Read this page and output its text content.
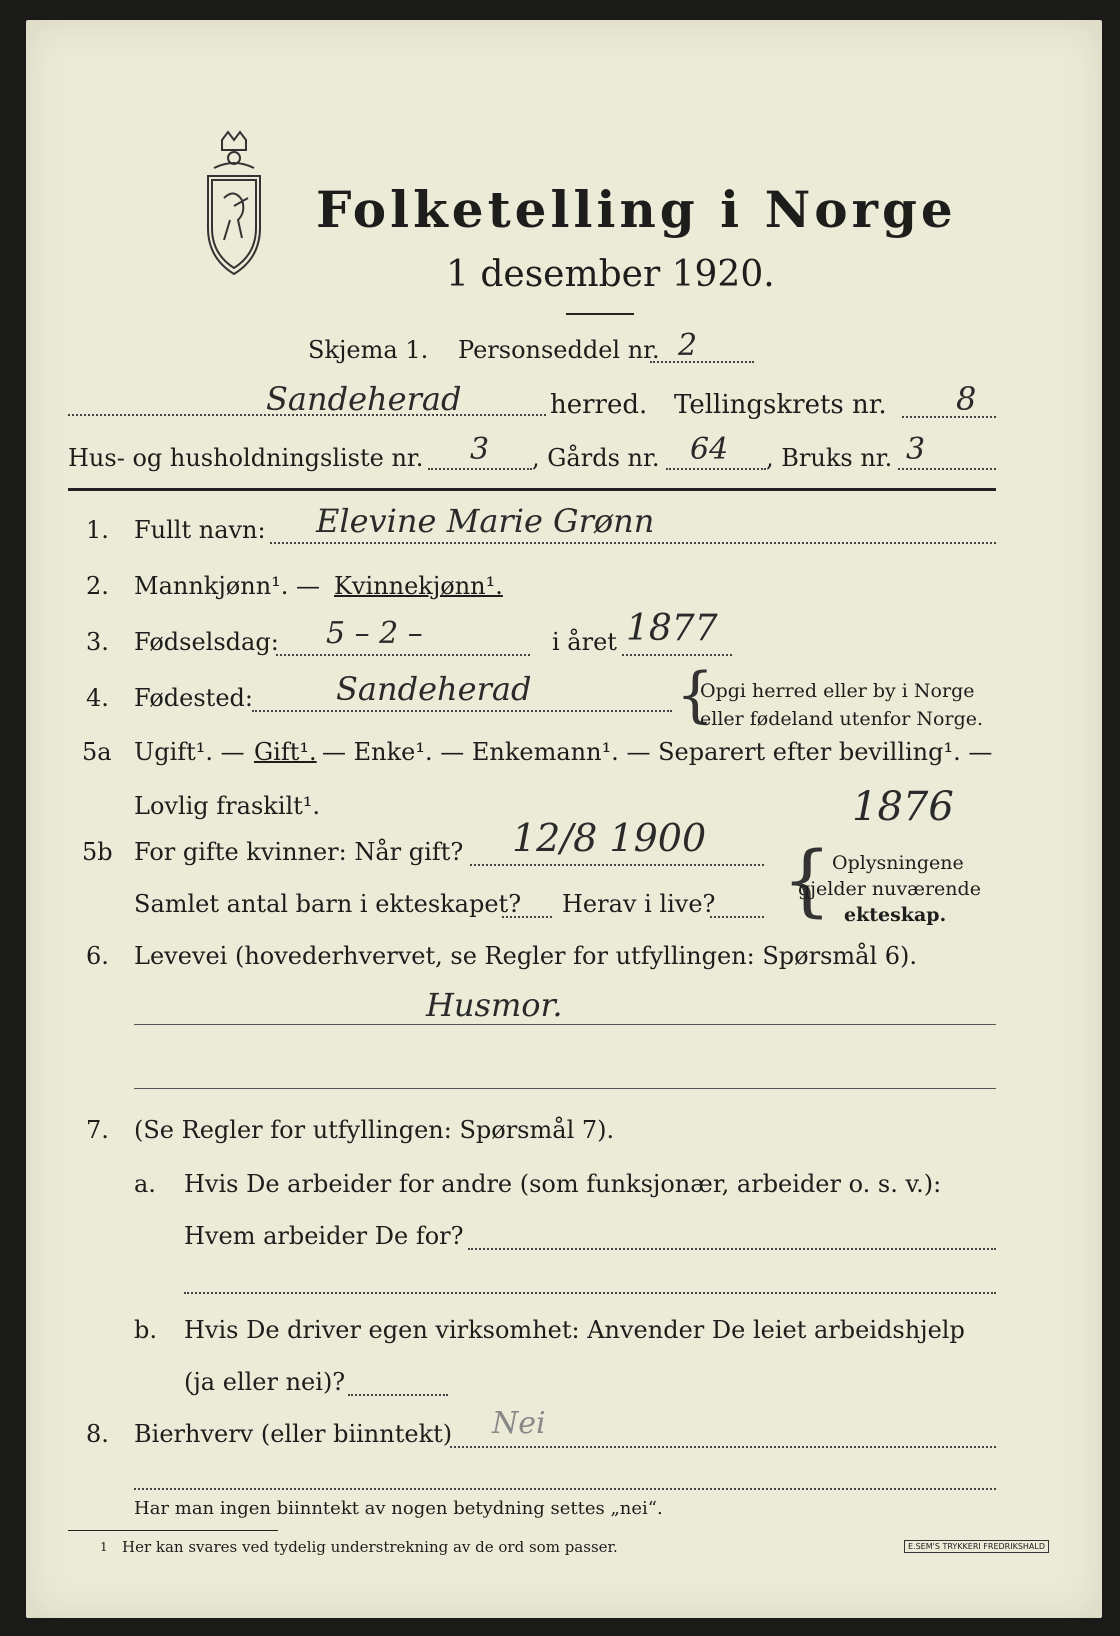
Folketelling i Norge
1 desember 1920.
Skjema 1. Personseddel nr. 2
Sandeherad	herred. Tellingskrets nr. 8
Hus- og husholdningsliste nr. 3 , Gårds nr. 64 , Bruks nr. 3
1. Fullt navn: Elevine Marie Grønn
2. Mannkjønn¹. — Kvinnekjønn¹.
3. Fødselsdag: 5 – 2 –	i året 1877
4. Fødested:	Sandeherad {
Opgi herred eller by i Norge
eller fødeland utenfor Norge.
5a Ugift¹. — Gift¹. — Enke¹. — Enkemann¹. — Separert efter bevilling¹. —
Lovlig fraskilt¹.	1876
5b For gifte kvinner: Når gift? 12/8 1900
Samlet antal barn i ekteskapet? Herav i live? { Oplysningene
gjelder nuværende
ekteskap.
6. Levevei (hovederhvervet, se Regler for utfyllingen: Spørsmål 6).
Husmor.
7. (Se Regler for utfyllingen: Spørsmål 7).
a. Hvis De arbeider for andre (som funksjonær, arbeider o. s. v.):
Hvem arbeider De for?
b. Hvis De driver egen virksomhet: Anvender De leiet arbeidshjelp
(ja eller nei)?
8. Bierhverv (eller biinntekt) Nei
Har man ingen biinntekt av nogen betydning settes „nei“.
1 Her kan svares ved tydelig understrekning av de ord som passer.	E.SEM'S TRYKKERI FREDRIKSHALD
